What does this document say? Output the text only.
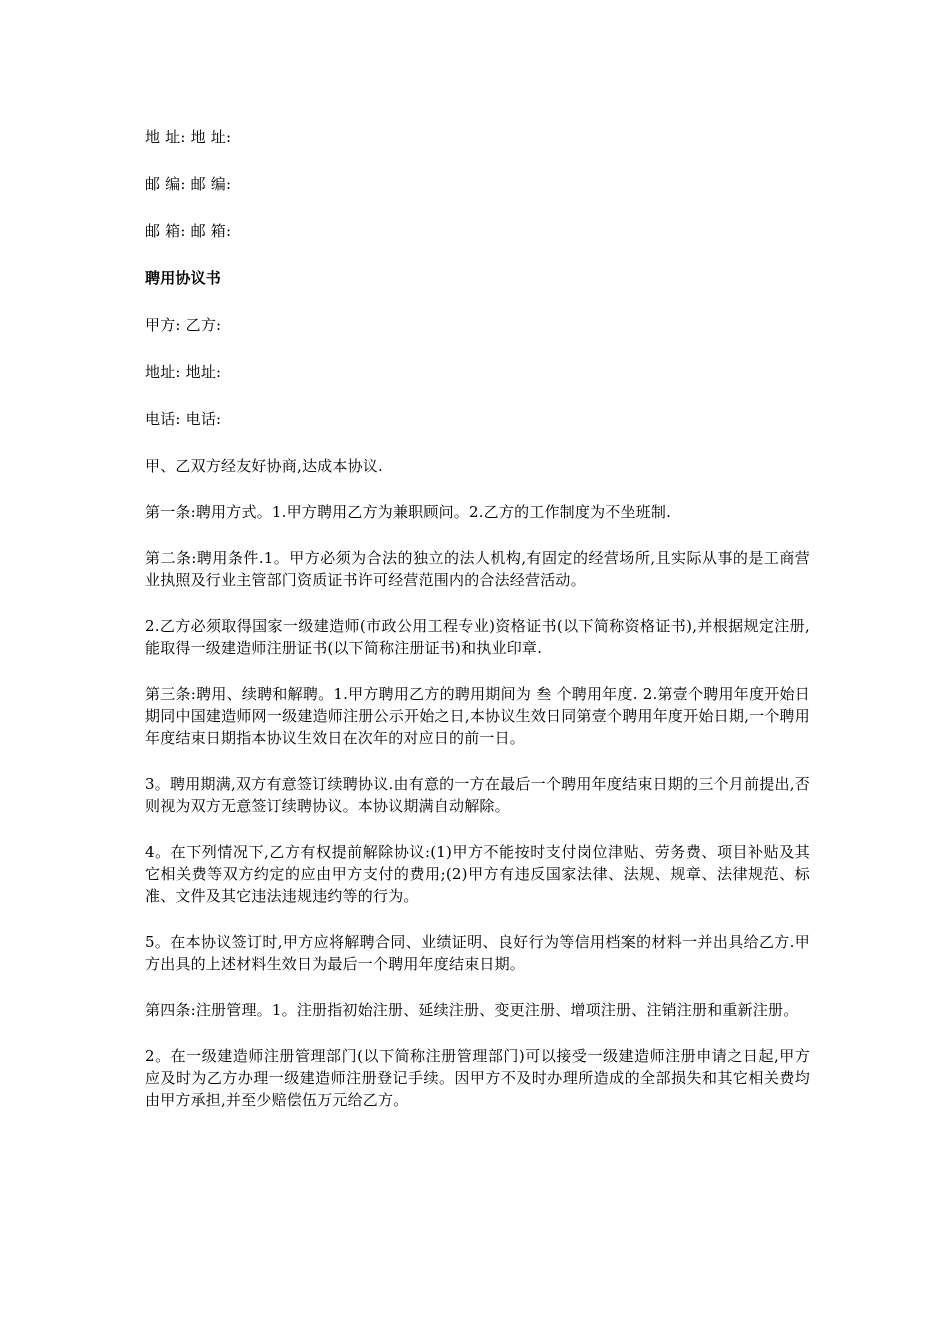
地 址: 地 址:

邮 编: 邮 编:

邮 箱: 邮 箱:

聘用协议书

甲方: 乙方:

地址: 地址:

电话: 电话:

甲、乙双方经友好协商,达成本协议.

第一条:聘用方式。1.甲方聘用乙方为兼职顾问。2.乙方的工作制度为不坐班制.

第二条:聘用条件.1。甲方必须为合法的独立的法人机构,有固定的经营场所,且实际从事的是工商营业执照及行业主管部门资质证书许可经营范围内的合法经营活动。

2.乙方必须取得国家一级建造师(市政公用工程专业)资格证书(以下简称资格证书),并根据规定注册,能取得一级建造师注册证书(以下简称注册证书)和执业印章.

第三条:聘用、续聘和解聘。1.甲方聘用乙方的聘用期间为 叁 个聘用年度. 2.第壹个聘用年度开始日期同中国建造师网一级建造师注册公示开始之日,本协议生效日同第壹个聘用年度开始日期,一个聘用年度结束日期指本协议生效日在次年的对应日的前一日。

3。聘用期满,双方有意签订续聘协议.由有意的一方在最后一个聘用年度结束日期的三个月前提出,否则视为双方无意签订续聘协议。本协议期满自动解除。

4。在下列情况下,乙方有权提前解除协议:(1)甲方不能按时支付岗位津贴、劳务费、项目补贴及其它相关费等双方约定的应由甲方支付的费用;(2)甲方有违反国家法律、法规、规章、法律规范、标准、文件及其它违法违规违约等的行为。

5。在本协议签订时,甲方应将解聘合同、业绩证明、良好行为等信用档案的材料一并出具给乙方.甲方出具的上述材料生效日为最后一个聘用年度结束日期。

第四条:注册管理。1。注册指初始注册、延续注册、变更注册、增项注册、注销注册和重新注册。

2。在一级建造师注册管理部门(以下简称注册管理部门)可以接受一级建造师注册申请之日起,甲方应及时为乙方办理一级建造师注册登记手续。因甲方不及时办理所造成的全部损失和其它相关费均由甲方承担,并至少赔偿伍万元给乙方。
